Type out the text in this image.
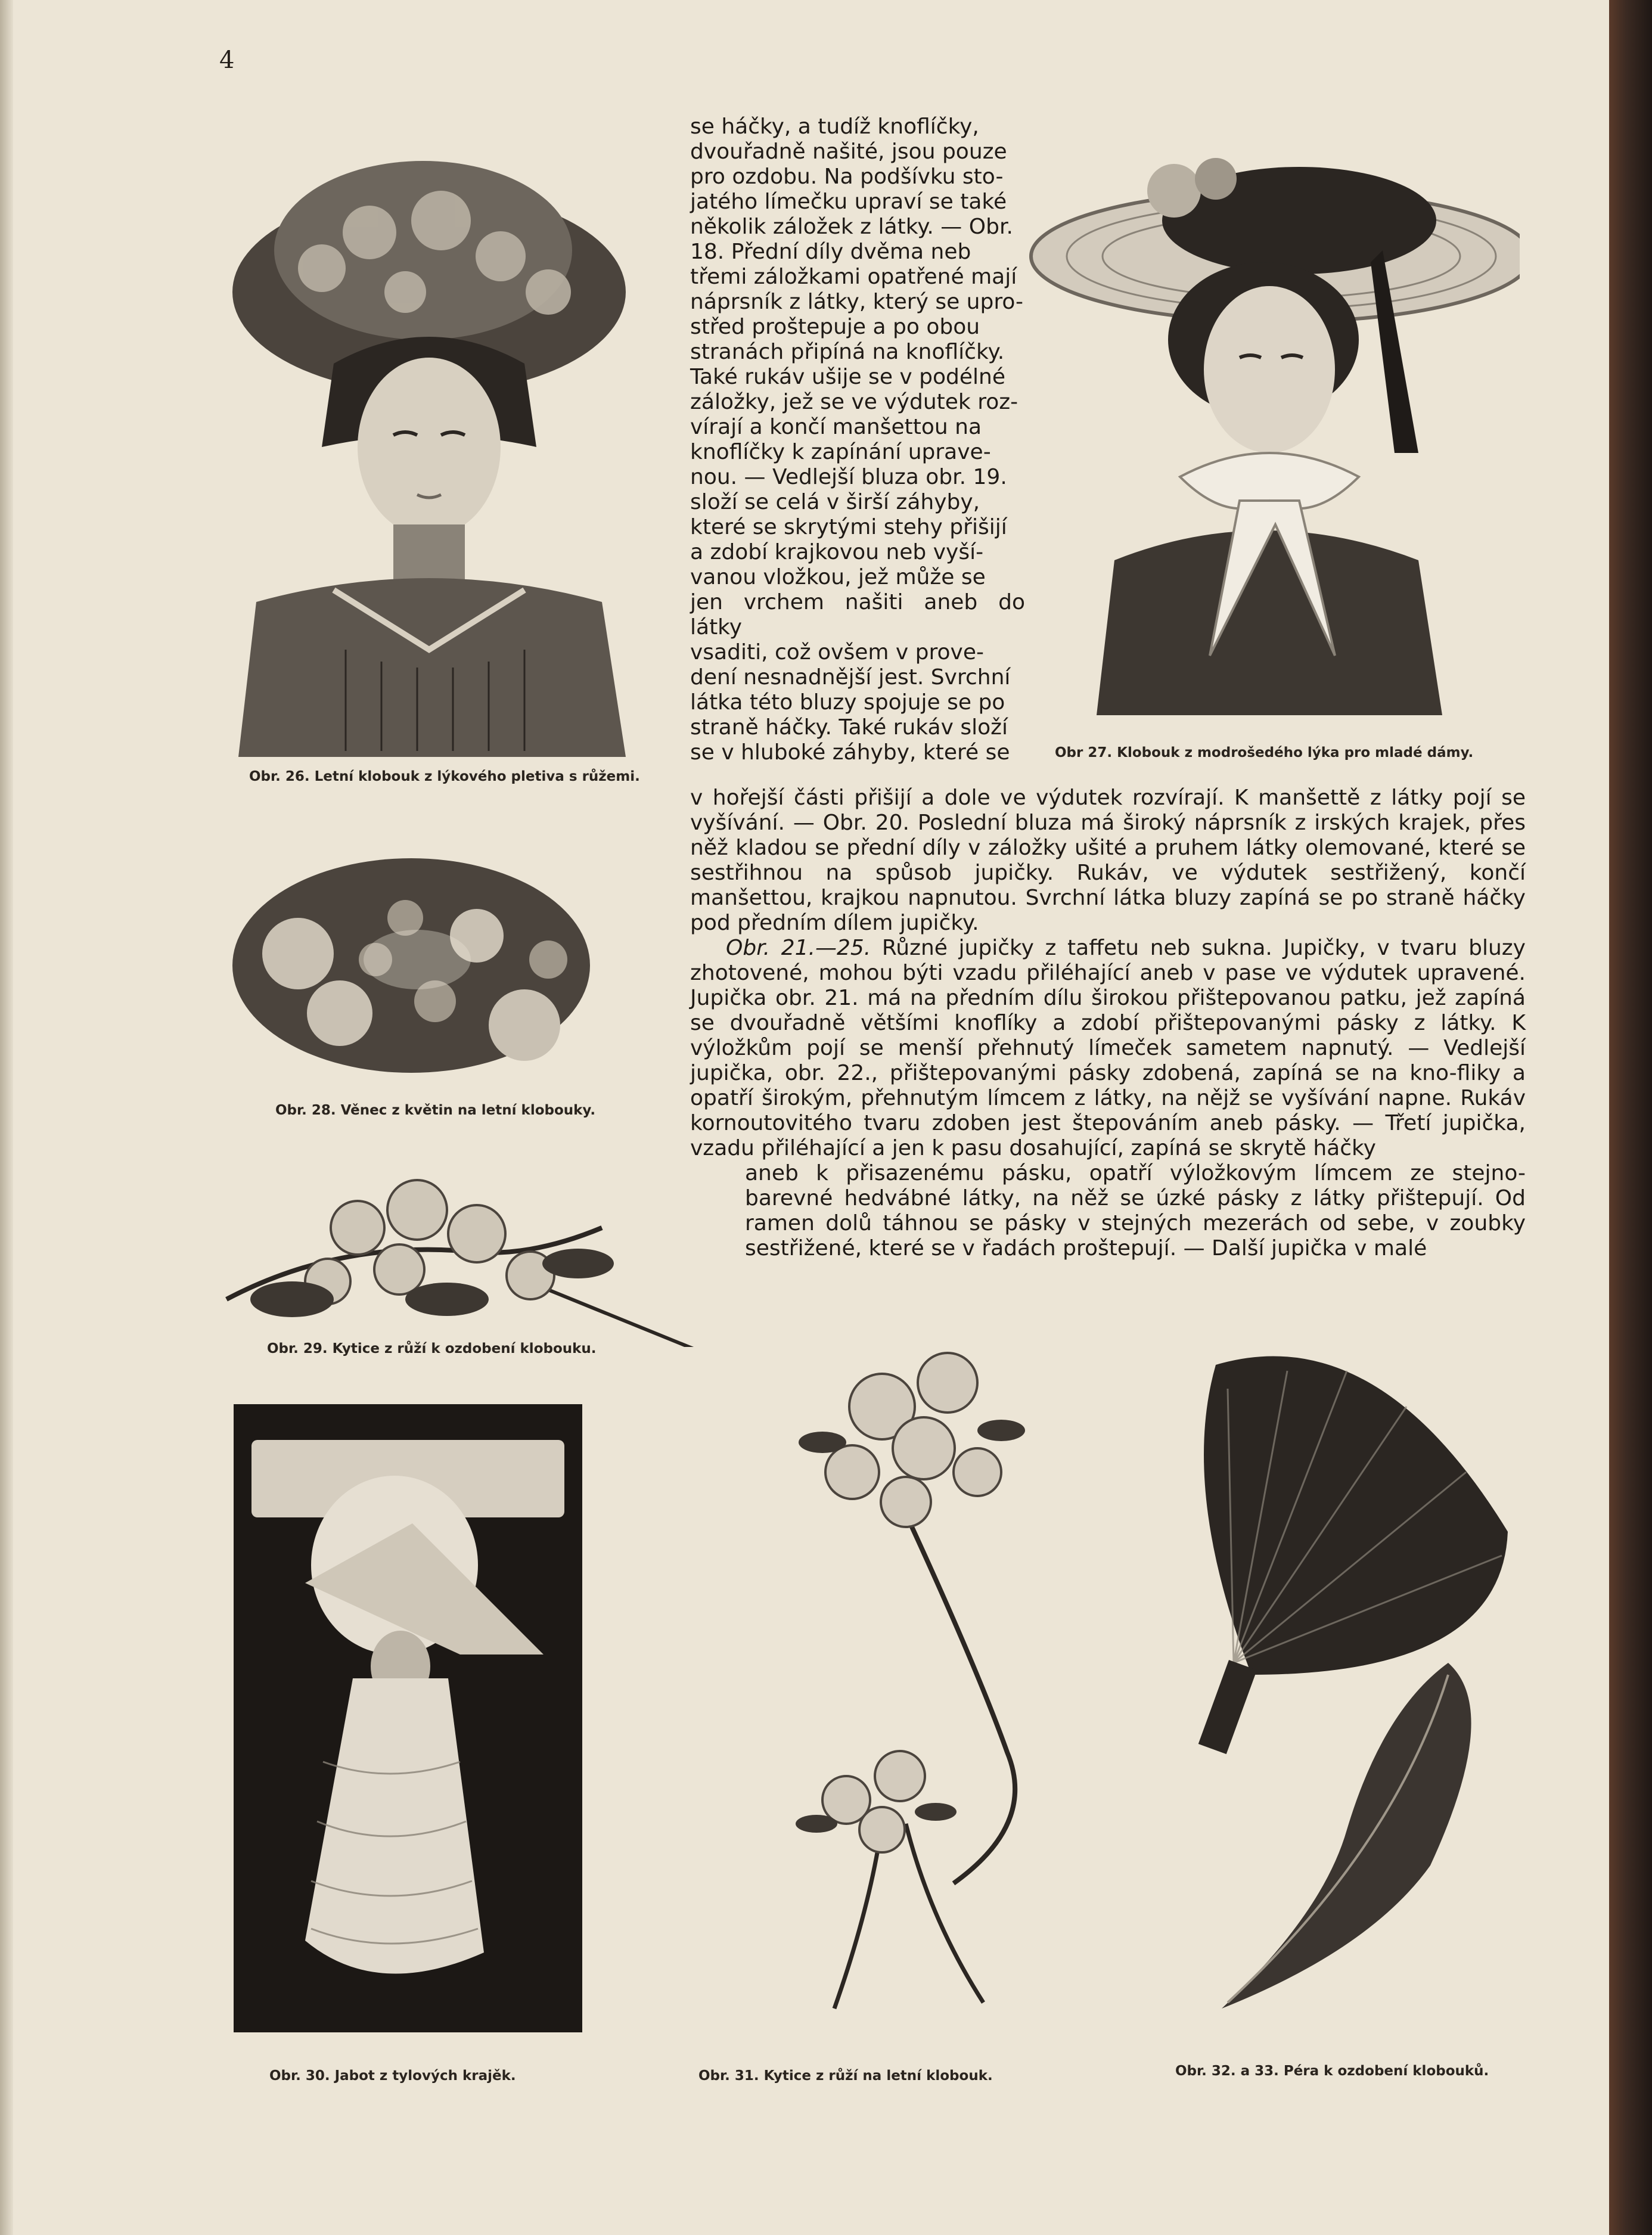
4
Obr. 26. Letní klobouk z lýkového pletiva s růžemi.
se háčky, a tudíž knoflíčky,
dvouřadně našité, jsou pouze
pro ozdobu. Na podšívku sto-
jatého límečku upraví se také
několik záložek z látky. — Obr.
18. Přední díly dvěma neb
třemi záložkami opatřené mají
náprsník z látky, který se upro-
střed proštepuje a po obou
stranách připíná na knoflíčky.
Také rukáv ušije se v podélné
záložky, jež se ve výdutek roz-
vírají a končí manšettou na
knoflíčky k zapínání uprave-
nou. — Vedlejší bluza obr. 19.
složí se celá v širší záhyby,
které se skrytými stehy přišijí
a zdobí krajkovou neb vyší-
vanou vložkou, jež může se
jen vrchem našiti aneb do látky
vsaditi, což ovšem v prove-
dení nesnadnější jest. Svrchní
látka této bluzy spojuje se po
straně háčky. Také rukáv složí
se v hluboké záhyby, které se	Obr 27. Klobouk z modrošedého lýka pro mladé dámy.
Obr. 28. Věnec z květin na letní klobouky.
v hořejší části přišijí a dole ve výdutek rozvírají. K manšettě z látky pojí se vyšívání. — Obr. 20. Poslední bluza má široký náprsník z irských krajek, přes něž kladou se přední díly v záložky ušité a pruhem látky olemované, které se sestřihnou na spůsob jupičky. Rukáv, ve výdutek sestřižený, končí manšettou, krajkou napnutou. Svrchní látka bluzy zapíná se po straně háčky pod předním dílem jupičky.
Obr. 21.—25. Různé jupičky z taffetu neb sukna. Jupičky, v tvaru bluzy zhotovené, mohou býti vzadu přiléhající aneb v pase ve výdutek upravené. Jupička obr. 21. má na předním dílu širokou přištepovanou patku, jež zapíná se dvouřadně většími knoflíky a zdobí přištepovanými pásky z látky. K výložkům pojí se menší přehnutý límeček sametem napnutý. — Vedlejší jupička, obr. 22., přištepovanými pásky zdobená, zapíná se na kno-fliky a opatří širokým, přehnutým límcem z látky, na nějž se vyšívání napne. Rukáv kornoutovitého tvaru zdoben jest štepováním aneb pásky. — Třetí jupička, vzadu přiléhající a jen k pasu dosahující, zapíná se skrytě háčky
aneb k přisazenému pásku, opatří výložkovým límcem ze stejno-barevné hedvábné látky, na něž se úzké pásky z látky přištepují. Od ramen dolů táhnou se pásky v stejných mezerách od sebe, v zoubky sestřižené, které se v řadách proštepují. — Další jupička v malé
Obr. 29. Kytice z růží k ozdobení klobouku.
Obr. 30. Jabot z tylových krajěk.	Obr. 31. Kytice z růží na letní klobouk.	Obr. 32. a 33. Péra k ozdobení klobouků.
